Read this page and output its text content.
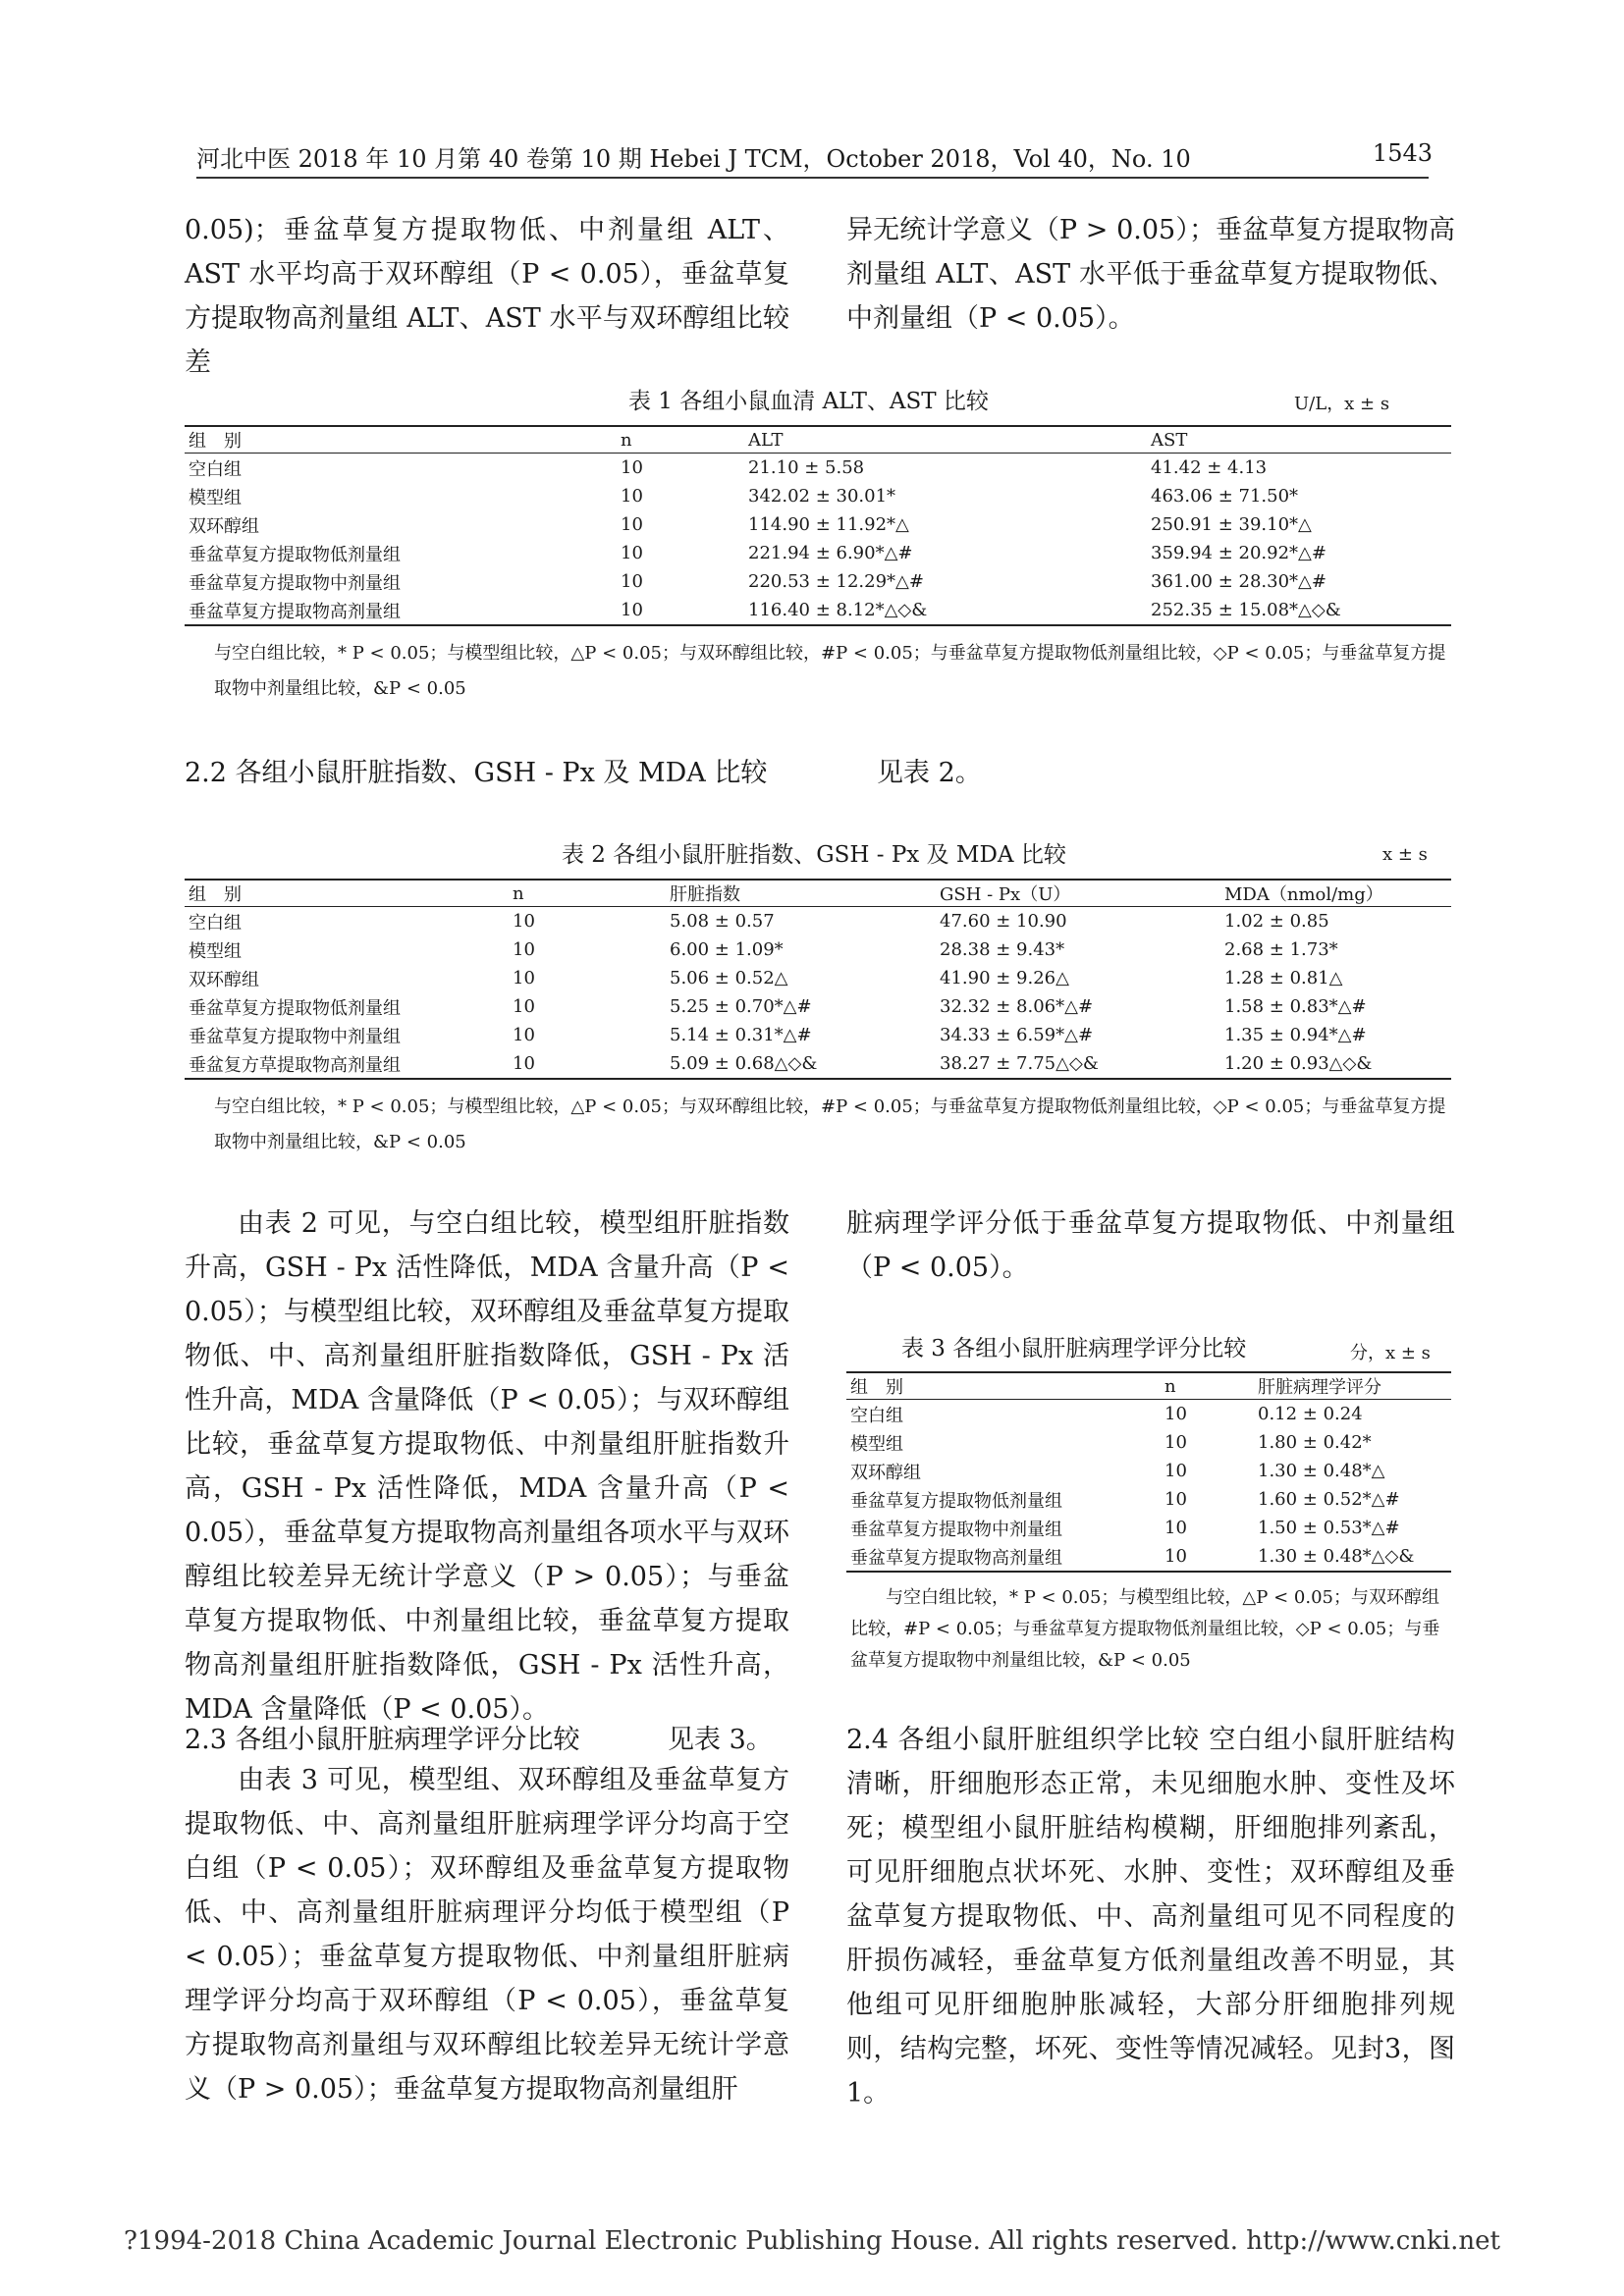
河北中医 2018 年 10 月第 40 卷第 10 期 Hebei J TCM，October 2018，Vol 40，No. 10	1543

0.05)；垂盆草复方提取物低、中剂量组 ALT、AST 水平均高于双环醇组（P < 0.05），垂盆草复方提取物高剂量组 ALT、AST 水平与双环醇组比较差

异无统计学意义（P > 0.05）；垂盆草复方提取物高剂量组 ALT、AST 水平低于垂盆草复方提取物低、中剂量组（P < 0.05）。

表 1 各组小鼠血清 ALT、AST 比较	U/L，x ± s
组　别	n	ALT	AST
空白组	10	21.10 ± 5.58	41.42 ± 4.13
模型组	10	342.02 ± 30.01*	463.06 ± 71.50*
双环醇组	10	114.90 ± 11.92*△	250.91 ± 39.10*△
垂盆草复方提取物低剂量组	10	221.94 ± 6.90*△#	359.94 ± 20.92*△#
垂盆草复方提取物中剂量组	10	220.53 ± 12.29*△#	361.00 ± 28.30*△#
垂盆草复方提取物高剂量组	10	116.40 ± 8.12*△◇&	252.35 ± 15.08*△◇&
与空白组比较，* P < 0.05；与模型组比较，△P < 0.05；与双环醇组比较，#P < 0.05；与垂盆草复方提取物低剂量组比较，◇P < 0.05；与垂盆草复方提取物中剂量组比较，&P < 0.05
2.2 各组小鼠肝脏指数、GSH - Px 及 MDA 比较	见表 2。
表 2 各组小鼠肝脏指数、GSH - Px 及 MDA 比较	x ± s
组　别	n	肝脏指数	GSH - Px（U）	MDA（nmol/mg）
空白组	10	5.08 ± 0.57	47.60 ± 10.90	1.02 ± 0.85
模型组	10	6.00 ± 1.09*	28.38 ± 9.43*	2.68 ± 1.73*
双环醇组	10	5.06 ± 0.52△	41.90 ± 9.26△	1.28 ± 0.81△
垂盆草复方提取物低剂量组	10	5.25 ± 0.70*△#	32.32 ± 8.06*△#	1.58 ± 0.83*△#
垂盆草复方提取物中剂量组	10	5.14 ± 0.31*△#	34.33 ± 6.59*△#	1.35 ± 0.94*△#
垂盆复方草提取物高剂量组	10	5.09 ± 0.68△◇&	38.27 ± 7.75△◇&	1.20 ± 0.93△◇&
与空白组比较，* P < 0.05；与模型组比较，△P < 0.05；与双环醇组比较，#P < 0.05；与垂盆草复方提取物低剂量组比较，◇P < 0.05；与垂盆草复方提取物中剂量组比较，&P < 0.05

由表 2 可见，与空白组比较，模型组肝脏指数升高，GSH - Px 活性降低，MDA 含量升高（P < 0.05）；与模型组比较，双环醇组及垂盆草复方提取物低、中、高剂量组肝脏指数降低，GSH - Px 活性升高，MDA 含量降低（P < 0.05）；与双环醇组比较，垂盆草复方提取物低、中剂量组肝脏指数升高，GSH - Px 活性降低，MDA 含量升高（P < 0.05），垂盆草复方提取物高剂量组各项水平与双环醇组比较差异无统计学意义（P > 0.05）；与垂盆草复方提取物低、中剂量组比较，垂盆草复方提取物高剂量组肝脏指数降低，GSH - Px 活性升高，MDA 含量降低（P < 0.05）。

2.3 各组小鼠肝脏病理学评分比较	见表 3。

由表 3 可见，模型组、双环醇组及垂盆草复方提取物低、中、高剂量组肝脏病理学评分均高于空白组（P < 0.05）；双环醇组及垂盆草复方提取物低、中、高剂量组肝脏病理评分均低于模型组（P < 0.05）；垂盆草复方提取物低、中剂量组肝脏病理学评分均高于双环醇组（P < 0.05），垂盆草复方提取物高剂量组与双环醇组比较差异无统计学意义（P > 0.05）；垂盆草复方提取物高剂量组肝

脏病理学评分低于垂盆草复方提取物低、中剂量组（P < 0.05）。

表 3 各组小鼠肝脏病理学评分比较	分，x ± s
组　别	n	肝脏病理学评分
空白组	10	0.12 ± 0.24
模型组	10	1.80 ± 0.42*
双环醇组	10	1.30 ± 0.48*△
垂盆草复方提取物低剂量组	10	1.60 ± 0.52*△#
垂盆草复方提取物中剂量组	10	1.50 ± 0.53*△#
垂盆草复方提取物高剂量组	10	1.30 ± 0.48*△◇&
与空白组比较，* P < 0.05；与模型组比较，△P < 0.05；与双环醇组比较，#P < 0.05；与垂盆草复方提取物低剂量组比较，◇P < 0.05；与垂盆草复方提取物中剂量组比较，&P < 0.05

2.4 各组小鼠肝脏组织学比较 空白组小鼠肝脏结构清晰，肝细胞形态正常，未见细胞水肿、变性及坏死；模型组小鼠肝脏结构模糊，肝细胞排列紊乱，可见肝细胞点状坏死、水肿、变性；双环醇组及垂盆草复方提取物低、中、高剂量组可见不同程度的肝损伤减轻，垂盆草复方低剂量组改善不明显，其他组可见肝细胞肿胀减轻，大部分肝细胞排列规则，结构完整，坏死、变性等情况减轻。见封3，图 1。

?1994-2018 China Academic Journal Electronic Publishing House. All rights reserved. http://www.cnki.net
